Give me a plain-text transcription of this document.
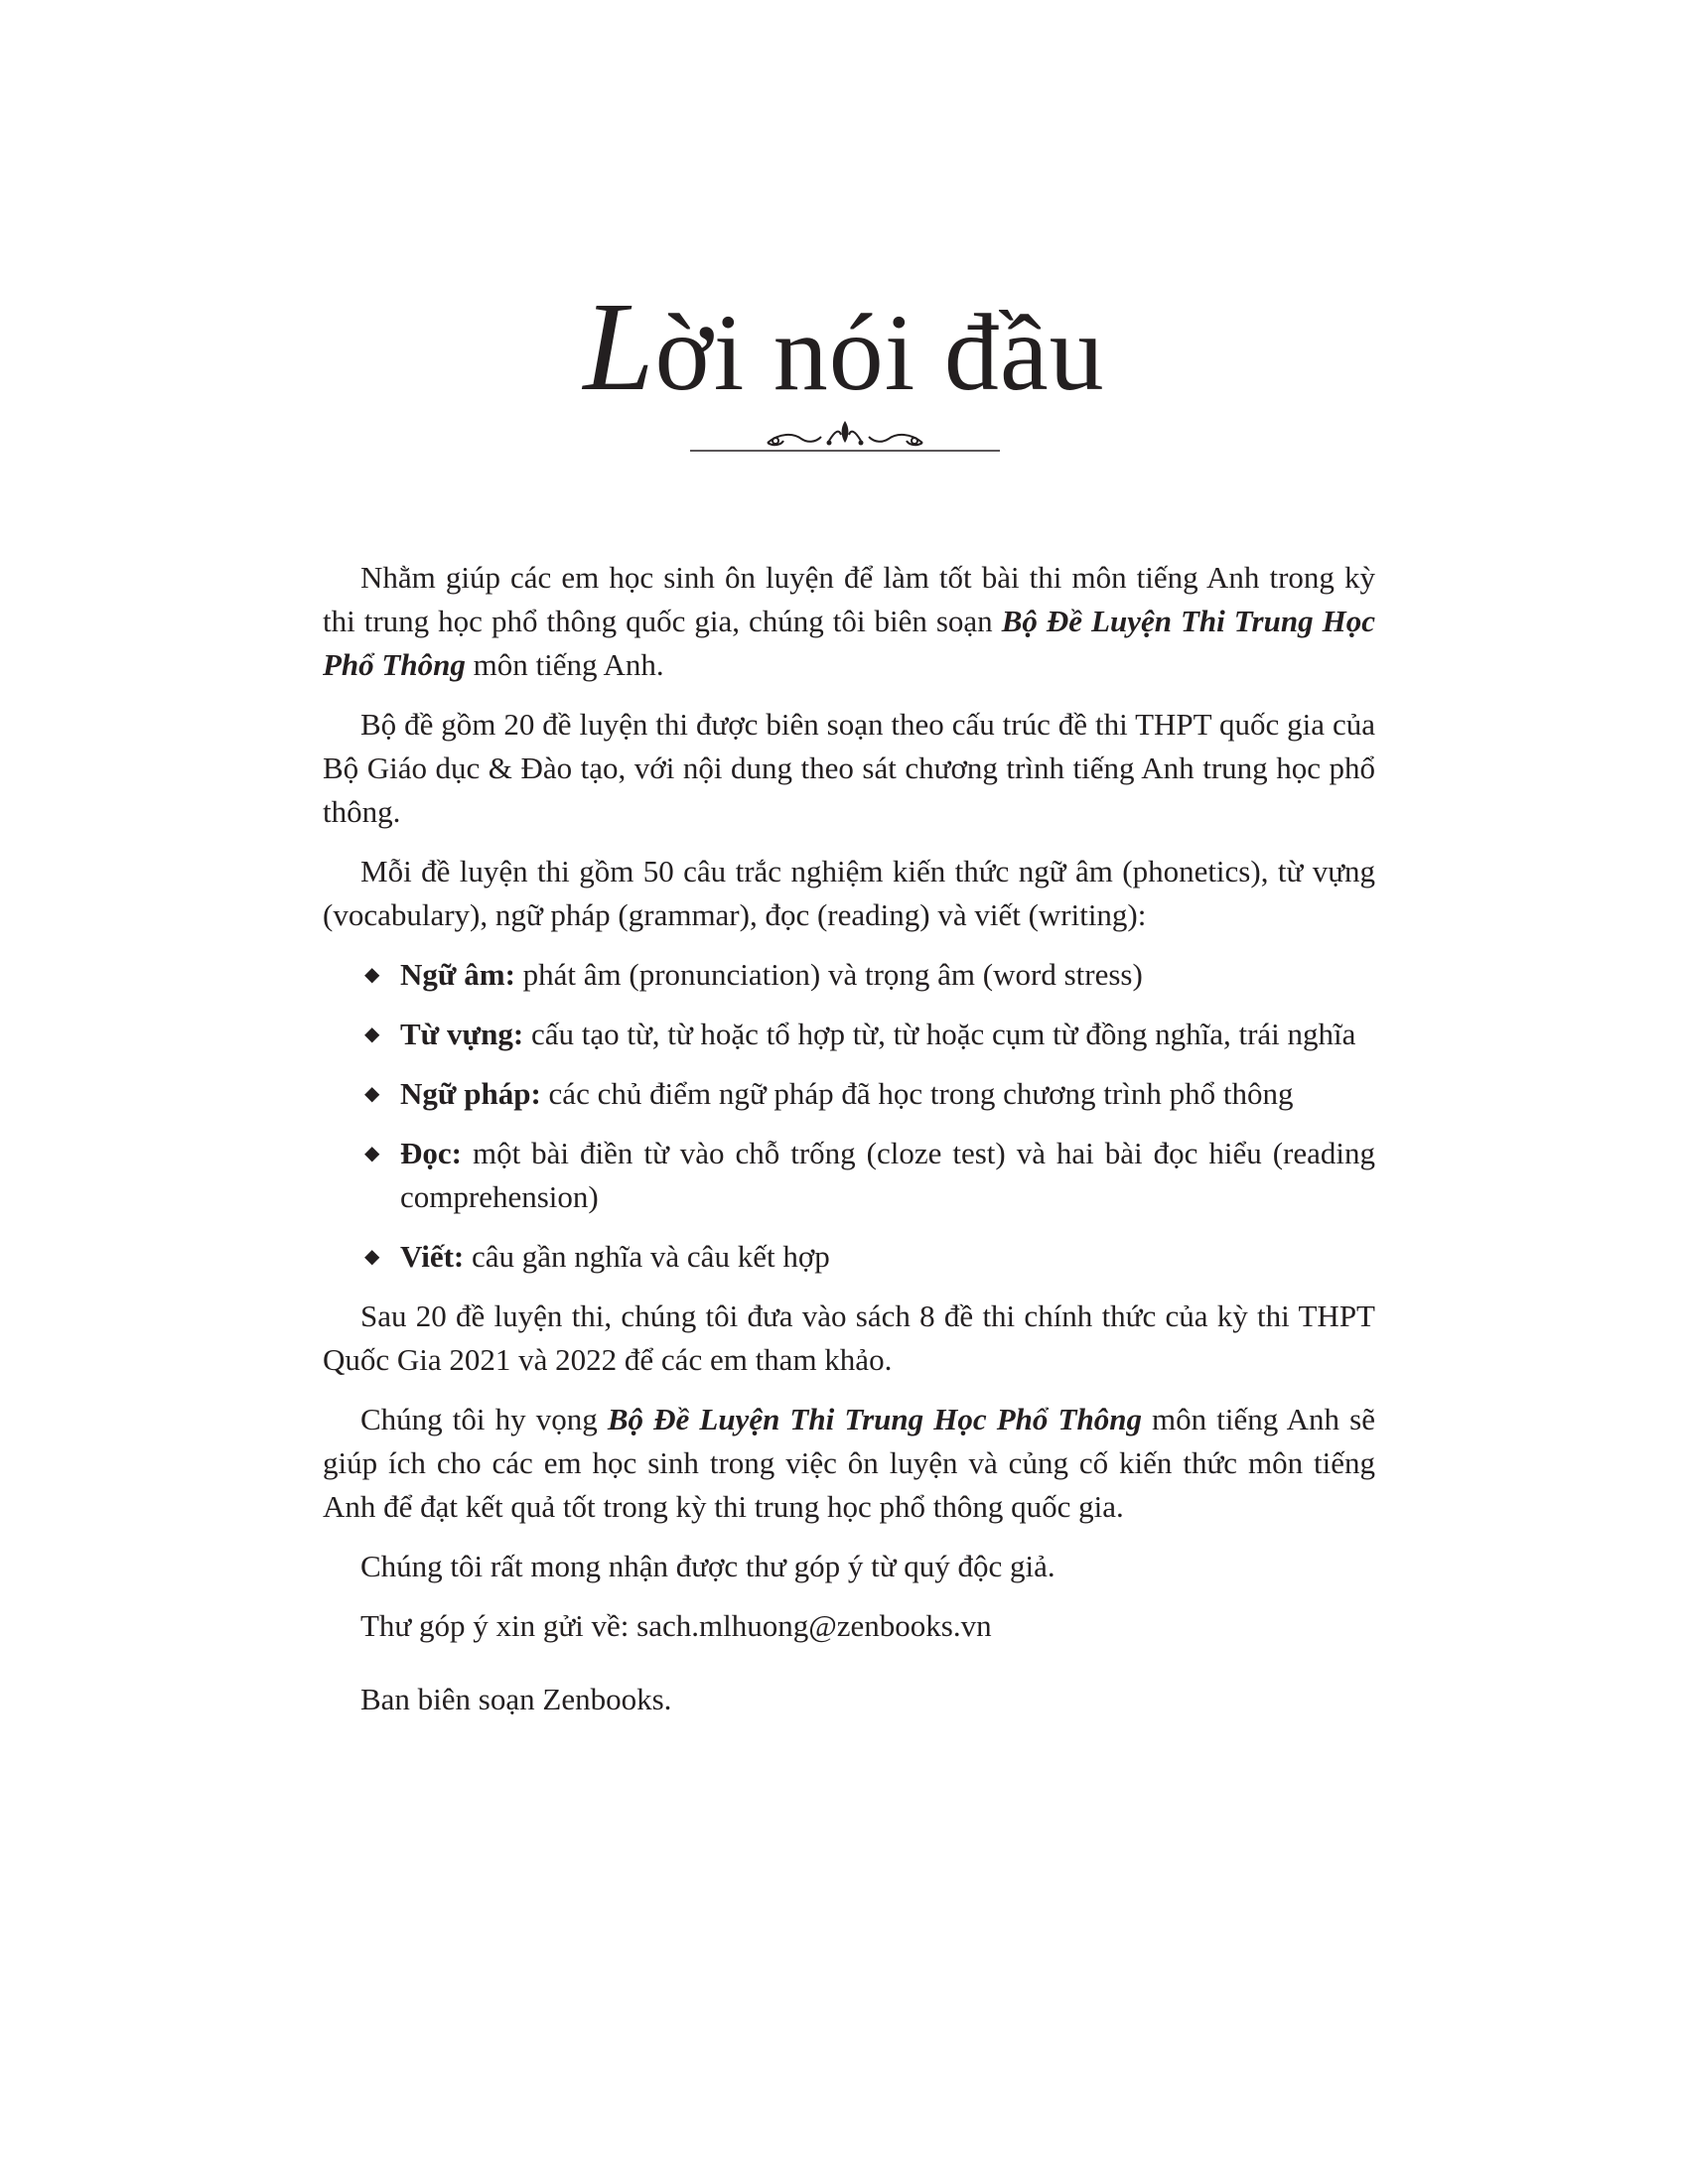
Lời nói đầu

Nhằm giúp các em học sinh ôn luyện để làm tốt bài thi môn tiếng Anh trong kỳ thi trung học phổ thông quốc gia, chúng tôi biên soạn Bộ Đề Luyện Thi Trung Học Phổ Thông môn tiếng Anh.

Bộ đề gồm 20 đề luyện thi được biên soạn theo cấu trúc đề thi THPT quốc gia của Bộ Giáo dục & Đào tạo, với nội dung theo sát chương trình tiếng Anh trung học phổ thông.

Mỗi đề luyện thi gồm 50 câu trắc nghiệm kiến thức ngữ âm (phonetics), từ vựng (vocabulary), ngữ pháp (grammar), đọc (reading) và viết (writing):

◆ Ngữ âm: phát âm (pronunciation) và trọng âm (word stress)
◆ Từ vựng: cấu tạo từ, từ hoặc tổ hợp từ, từ hoặc cụm từ đồng nghĩa, trái nghĩa
◆ Ngữ pháp: các chủ điểm ngữ pháp đã học trong chương trình phổ thông
◆ Đọc: một bài điền từ vào chỗ trống (cloze test) và hai bài đọc hiểu (reading comprehension)
◆ Viết: câu gần nghĩa và câu kết hợp

Sau 20 đề luyện thi, chúng tôi đưa vào sách 8 đề thi chính thức của kỳ thi THPT Quốc Gia 2021 và 2022 để các em tham khảo.

Chúng tôi hy vọng Bộ Đề Luyện Thi Trung Học Phổ Thông môn tiếng Anh sẽ giúp ích cho các em học sinh trong việc ôn luyện và củng cố kiến thức môn tiếng Anh để đạt kết quả tốt trong kỳ thi trung học phổ thông quốc gia.

Chúng tôi rất mong nhận được thư góp ý từ quý độc giả.

Thư góp ý xin gửi về: sach.mlhuong@zenbooks.vn

Ban biên soạn Zenbooks.
